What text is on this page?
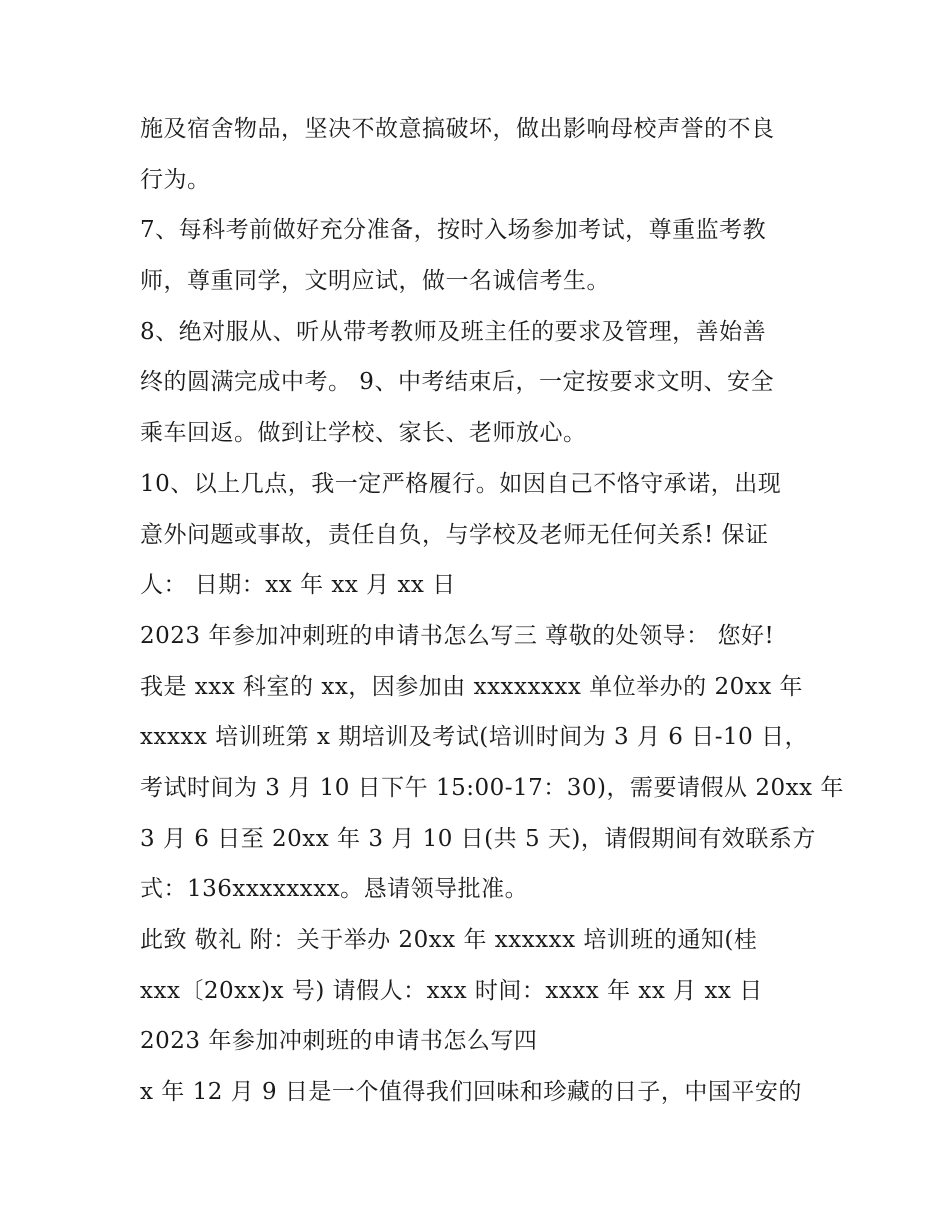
施及宿舍物品，坚决不故意搞破坏，做出影响母校声誉的不良
行为。
7、每科考前做好充分准备，按时入场参加考试，尊重监考教
师，尊重同学，文明应试，做一名诚信考生。
8、绝对服从、听从带考教师及班主任的要求及管理，善始善
终的圆满完成中考。 9、中考结束后，一定按要求文明、安全
乘车回返。做到让学校、家长、老师放心。
10、以上几点，我一定严格履行。如因自己不恪守承诺，出现
意外问题或事故，责任自负，与学校及老师无任何关系! 保证
人： 日期：xx 年 xx 月 xx 日
2023 年参加冲刺班的申请书怎么写三 尊敬的处领导： 您好!
我是 xxx 科室的 xx，因参加由 xxxxxxxx 单位举办的 20xx 年
xxxxx 培训班第 x 期培训及考试(培训时间为 3 月 6 日-10 日，
考试时间为 3 月 10 日下午 15:00-17：30)，需要请假从 20xx 年
3 月 6 日至 20xx 年 3 月 10 日(共 5 天)，请假期间有效联系方
式：136xxxxxxxx。恳请领导批准。
此致 敬礼 附：关于举办 20xx 年 xxxxxx 培训班的通知(桂
xxx〔20xx)x 号) 请假人：xxx 时间：xxxx 年 xx 月 xx 日
2023 年参加冲刺班的申请书怎么写四
x 年 12 月 9 日是一个值得我们回味和珍藏的日子，中国平安的
